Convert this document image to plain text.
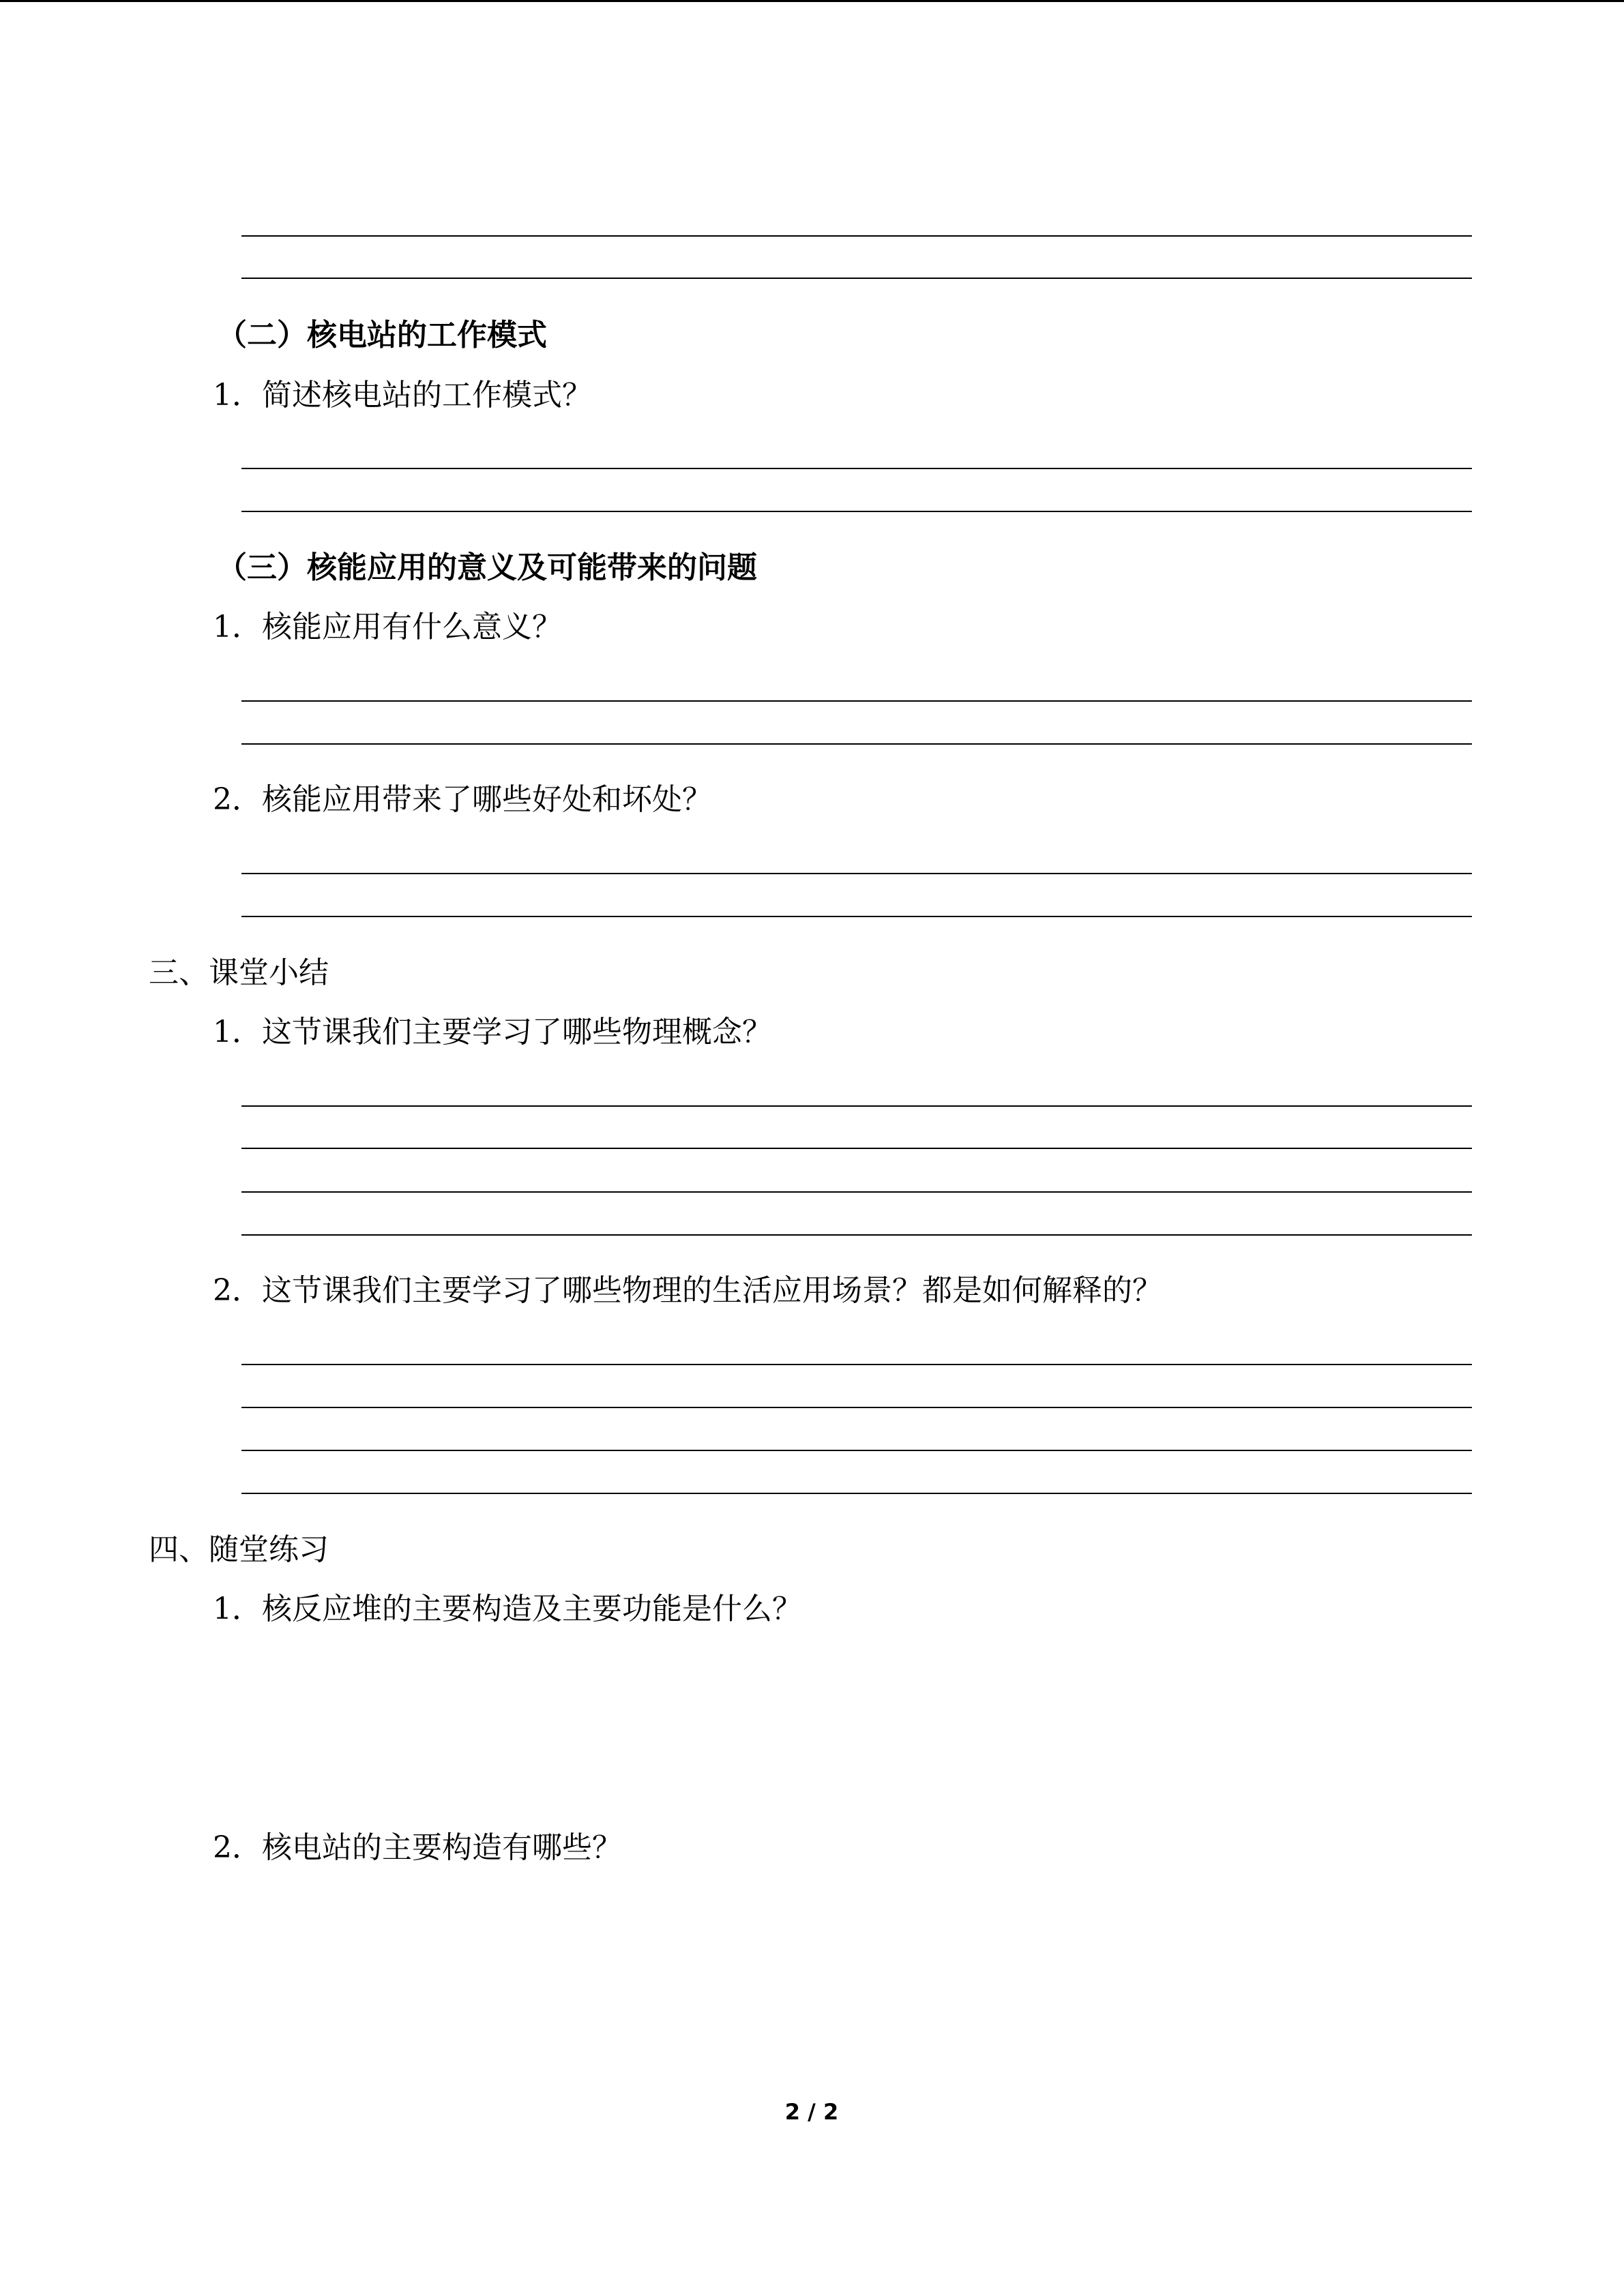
（二）核电站的工作模式
1．简述核电站的工作模式？
（三）核能应用的意义及可能带来的问题
1．核能应用有什么意义？
2．核能应用带来了哪些好处和坏处？
三、课堂小结
1．这节课我们主要学习了哪些物理概念？
2．这节课我们主要学习了哪些物理的生活应用场景？都是如何解释的？
四、随堂练习
1．核反应堆的主要构造及主要功能是什么？
2．核电站的主要构造有哪些？
2 / 2
